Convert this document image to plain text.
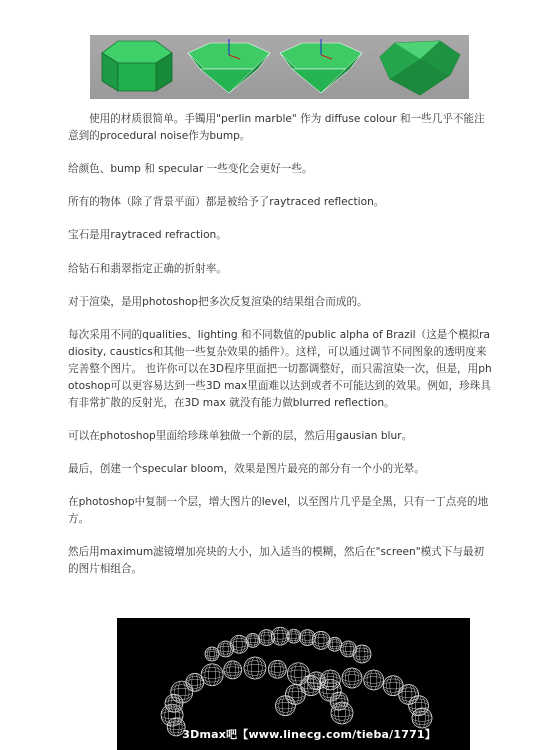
使用的材质很简单。手镯用"perlin marble" 作为 diffuse colour 和一些几乎不能注意到的procedural noise作为bump。

给颜色、bump 和 specular 一些变化会更好一些。

所有的物体（除了背景平面）都是被给予了raytraced reflection。

宝石是用raytraced refraction。

给钻石和翡翠指定正确的折射率。

对于渲染，是用photoshop把多次反复渲染的结果组合而成的。

每次采用不同的qualities、lighting 和不同数值的public alpha of Brazil（这是个模拟radiosity, caustics和其他一些复杂效果的插件）。这样，可以通过调节不同图象的透明度来完善整个图片。 也许你可以在3D程序里面把一切都调整好，而只需渲染一次，但是，用photoshop可以更容易达到一些3D max里面难以达到或者不可能达到的效果。例如，珍珠具有非常扩散的反射光，在3D max 就没有能力做blurred reflection。

可以在photoshop里面给珍珠单独做一个新的层，然后用gausian blur。

最后，创建一个specular bloom，效果是图片最亮的部分有一个小的光晕。

在photoshop中复制一个层，增大图片的level，以至图片几乎是全黑，只有一丁点亮的地方。

然后用maximum滤镜增加亮块的大小，加入适当的模糊，然后在"screen"模式下与最初的图片相组合。

3Dmax吧【www.linecg.com/tieba/1771】
